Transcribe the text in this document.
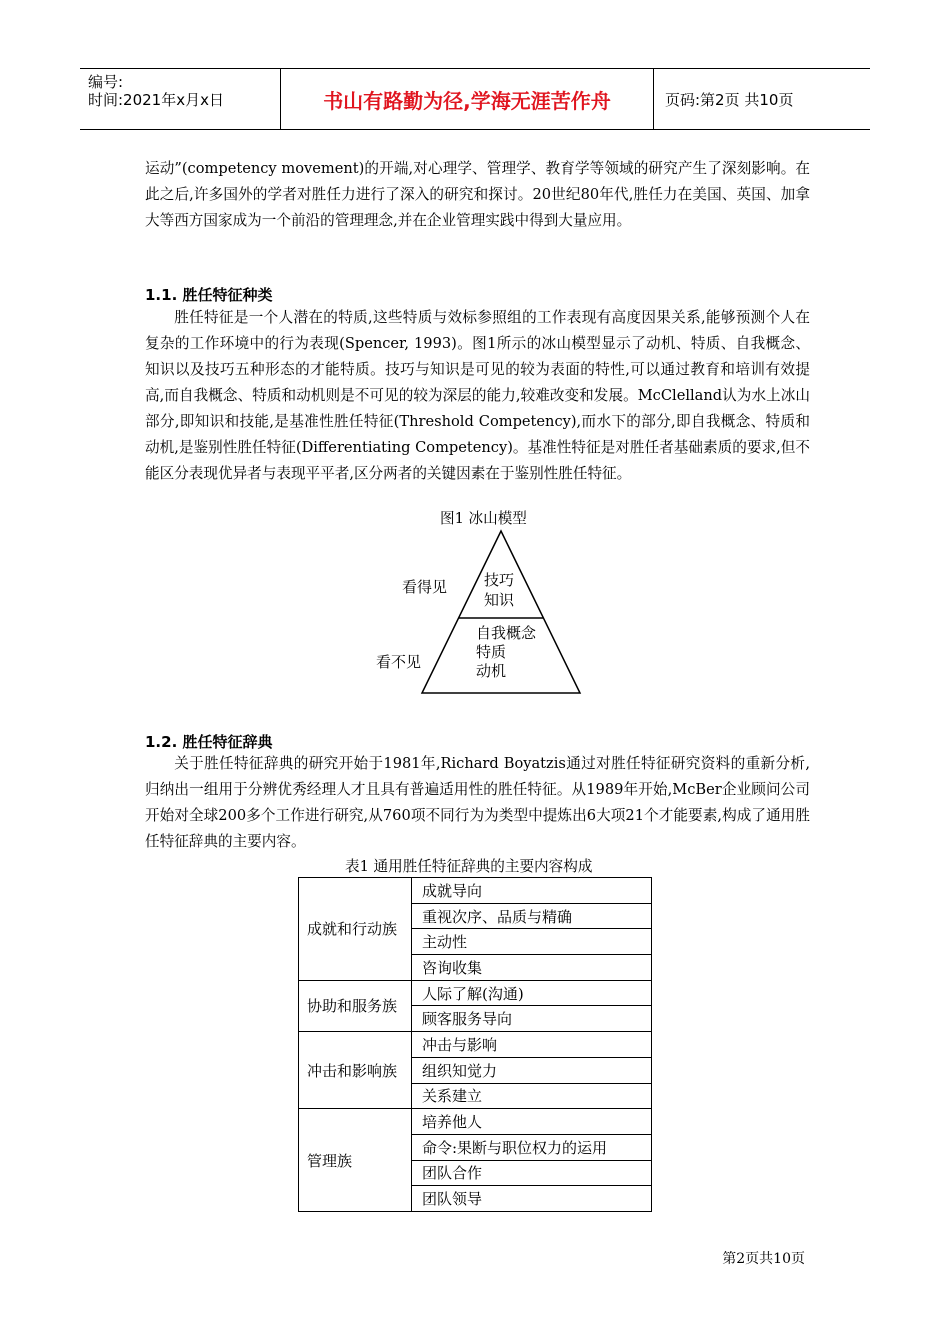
编号:
时间:2021年x月x日	书山有路勤为径,学海无涯苦作舟	页码:第2页 共10页

运动”(competency movement)的开端,对心理学、管理学、教育学等领域的研究产生了深刻影响。在此之后,许多国外的学者对胜任力进行了深入的研究和探讨。20世纪80年代,胜任力在美国、英国、加拿大等西方国家成为一个前沿的管理理念,并在企业管理实践中得到大量应用。

1.1. 胜任特征种类

胜任特征是一个人潜在的特质,这些特质与效标参照组的工作表现有高度因果关系,能够预测个人在复杂的工作环境中的行为表现(Spencer, 1993)。图1所示的冰山模型显示了动机、特质、自我概念、知识以及技巧五种形态的才能特质。技巧与知识是可见的较为表面的特性,可以通过教育和培训有效提高,而自我概念、特质和动机则是不可见的较为深层的能力,较难改变和发展。McClelland认为水上冰山部分,即知识和技能,是基准性胜任特征(Threshold Competency),而水下的部分,即自我概念、特质和动机,是鉴别性胜任特征(Differentiating Competency)。基准性特征是对胜任者基础素质的要求,但不能区分表现优异者与表现平平者,区分两者的关键因素在于鉴别性胜任特征。

图1 冰山模型
看得见
看不见
技巧
知识
自我概念
特质
动机

1.2. 胜任特征辞典

关于胜任特征辞典的研究开始于1981年,Richard Boyatzis通过对胜任特征研究资料的重新分析,归纳出一组用于分辨优秀经理人才且具有普遍适用性的胜任特征。从1989年开始,McBer企业顾问公司开始对全球200多个工作进行研究,从760项不同行为为类型中提炼出6大项21个才能要素,构成了通用胜任特征辞典的主要内容。

表1 通用胜任特征辞典的主要内容构成
成就和行动族	成就导向
	重视次序、品质与精确
	主动性
	咨询收集
协助和服务族	人际了解(沟通)
	顾客服务导向
冲击和影响族	冲击与影响
	组织知觉力
	关系建立
管理族	培养他人
	命令:果断与职位权力的运用
	团队合作
	团队领导
第2页共10页
